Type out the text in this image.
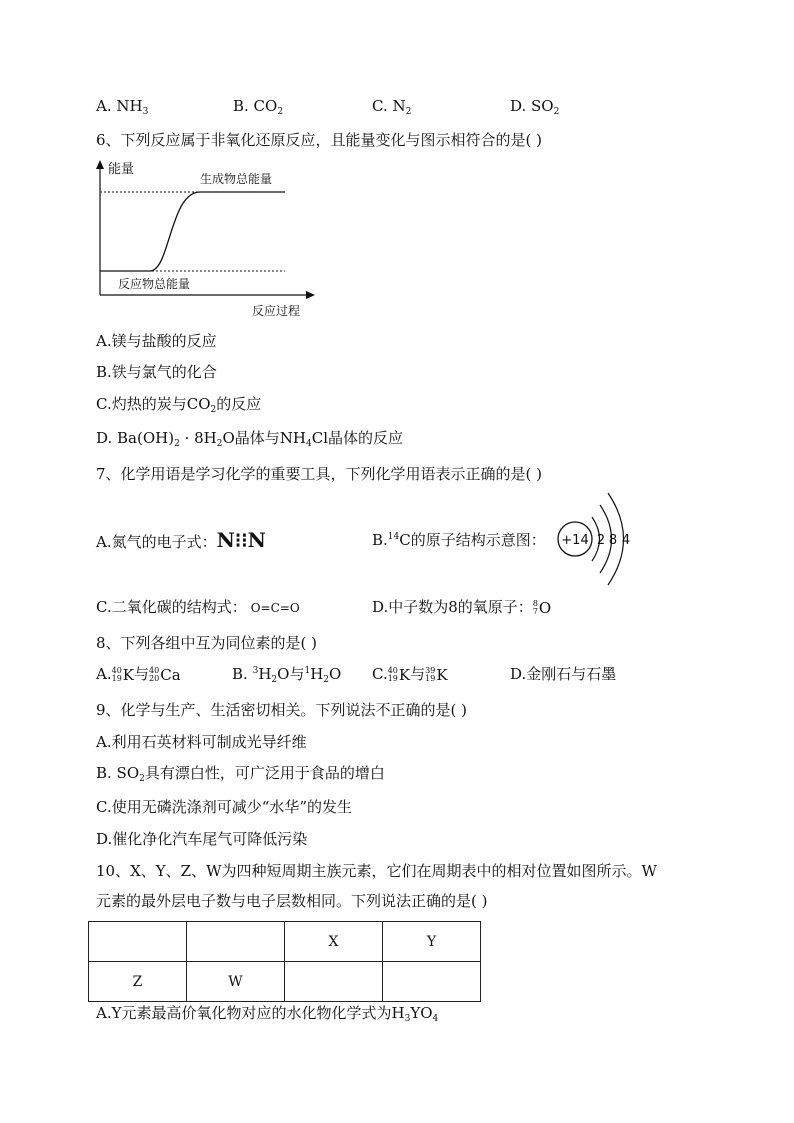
A. $NH_3$	B. $CO_2$	C. $N_2$	D. $SO_2$
6、下列反应属于非氧化还原反应，且能量变化与图示相符合的是( )
能量
生成物总能量
反应物总能量
反应过程
A.镁与盐酸的反应
B.铁与氯气的化合
C.灼热的炭与$CO_2$的反应
D. $Ba(OH)_2 \cdot 8H_2O$晶体与$NH_4Cl$晶体的反应
7、化学用语是学习化学的重要工具，下列化学用语表示正确的是( )
A.氮气的电子式：N⁝⁝N	B.$^{14}$C的原子结构示意图： +14 2 8 4
C.二氧化碳的结构式： O=C=O	D.中子数为8的氧原子： 8
7 O
8、下列各组中互为同位素的是( )
A. 40
19 K 与 40
20 Ca	B. $^3H_2O$与$^1H_2O$ C. 40
19 K 与 39
19 K	D.金刚石与石墨
9、化学与生产、生活密切相关。下列说法不正确的是( )
A.利用石英材料可制成光导纤维
B. $SO_2$具有漂白性，可广泛用于食品的增白
C.使用无磷洗涤剂可减少“水华”的发生
D.催化净化汽车尾气可降低污染
10、X、Y、Z、W为四种短周期主族元素，它们在周期表中的相对位置如图所示。W
元素的最外层电子数与电子层数相同。下列说法正确的是( )
		X	Y
Z	W		
A.Y元素最高价氧化物对应的水化物化学式为$H_3YO_4$
